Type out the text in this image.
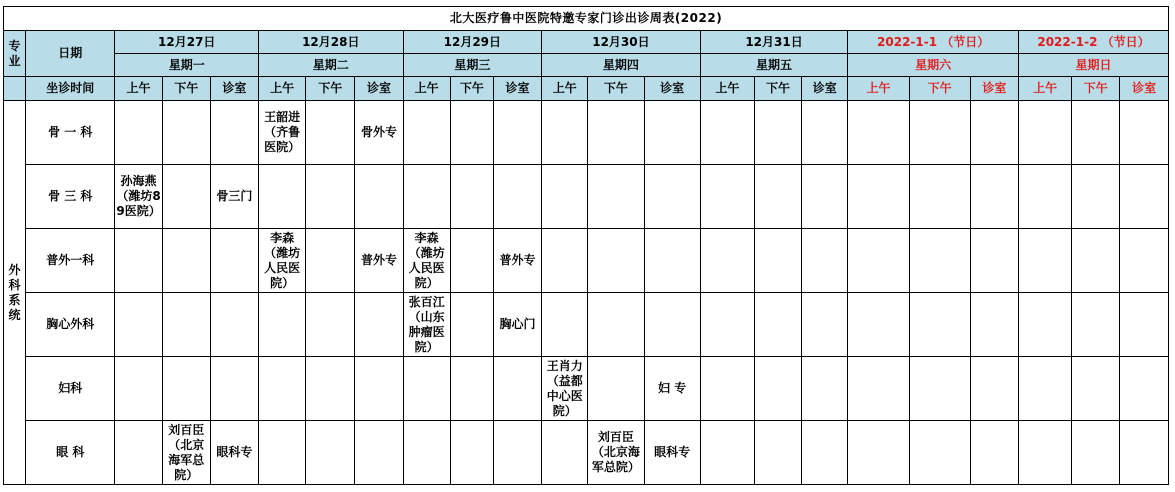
北大医疗鲁中医院特邀专家门诊出诊周表(2022)																						
专业	日期	12月27日			12月28日			12月29日			12月30日			12月31日			2022-1-1 （节日）			2022-1-2 （节日）		
		星期一			星期二			星期三			星期四			星期五			星期六			星期日		
	坐诊时间	上午	下午	诊室	上午	下午	诊室	上午	下午	诊室	上午	下午	诊室	上午	下午	诊室	上午	下午	诊室	上午	下午	诊室
外科系统	骨 一 科				王韶进（齐鲁医院）		骨外专															
	骨 三 科	孙海燕（潍坊89医院）		骨三门																		
	普外一科				李森（潍坊人民医院）		普外专	李森（潍坊人民医院）		普外专												
	胸心外科							张百江（山东肿瘤医院）		胸心门												
	妇科										王肖力（益都中心医院）		妇 专									
	眼 科		刘百臣（北京海军总院）	眼科专								刘百臣（北京海军总院）	眼科专									
